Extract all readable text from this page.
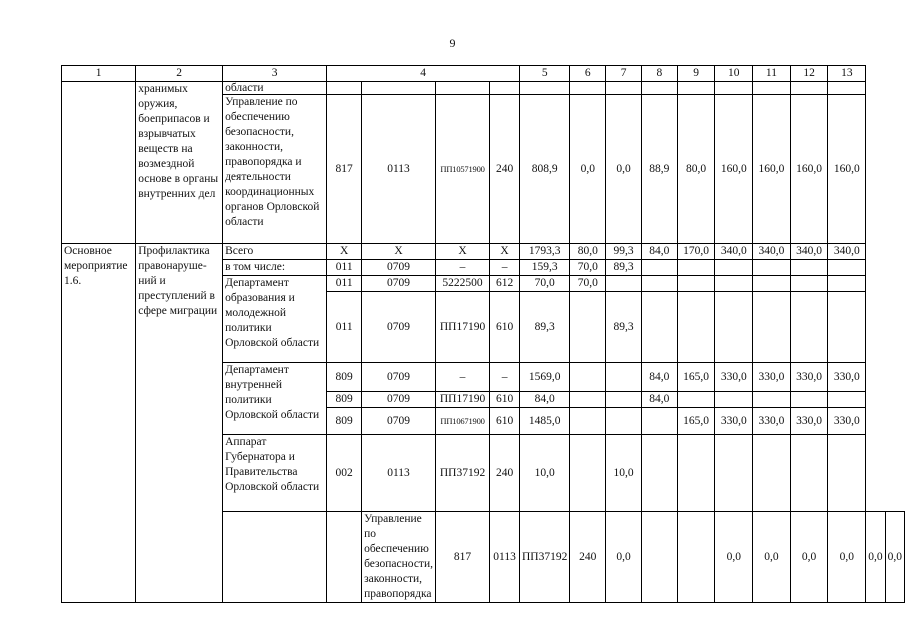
9
1	2	3	4				5	6	7	8	9	10	11	12	13		
	хранимых оружия, боеприпасов и взрывчатых веществ на возмездной основе в органы внутренних дел	области															
		Управление по обеспечению безопасности, законности, правопорядка и деятельности координационных органов Орловской области	817	0113	ПП10571900	240	808,9	0,0	0,0	88,9	80,0	160,0	160,0	160,0	160,0		
Основное мероприятие 1.6.	Профилактика правонаруше-ний и преступлений в сфере миграции	Всего	X	X	X	X	1793,3	80,0	99,3	84,0	170,0	340,0	340,0	340,0	340,0		
		в том числе:	011	0709	–	–	159,3	70,0	89,3								
		Департамент образования и молодежной политики Орловской области	011	0709	5222500	612	70,0	70,0									
			011	0709	ПП17190	610	89,3		89,3								
		Департамент внутренней политики Орловской области	809	0709	–	–	1569,0			84,0	165,0	330,0	330,0	330,0	330,0		
			809	0709	ПП17190	610	84,0			84,0							
			809	0709	ПП10671900	610	1485,0				165,0	330,0	330,0	330,0	330,0		
		Аппарат Губернатора и Правительства Орловской области	002	0113	ПП37192	240	10,0		10,0								
				Управление по обеспечению безопасности, законности, правопорядка	817	0113	ПП37192	240	0,0			0,0	0,0	0,0	0,0	0,0	0,0
